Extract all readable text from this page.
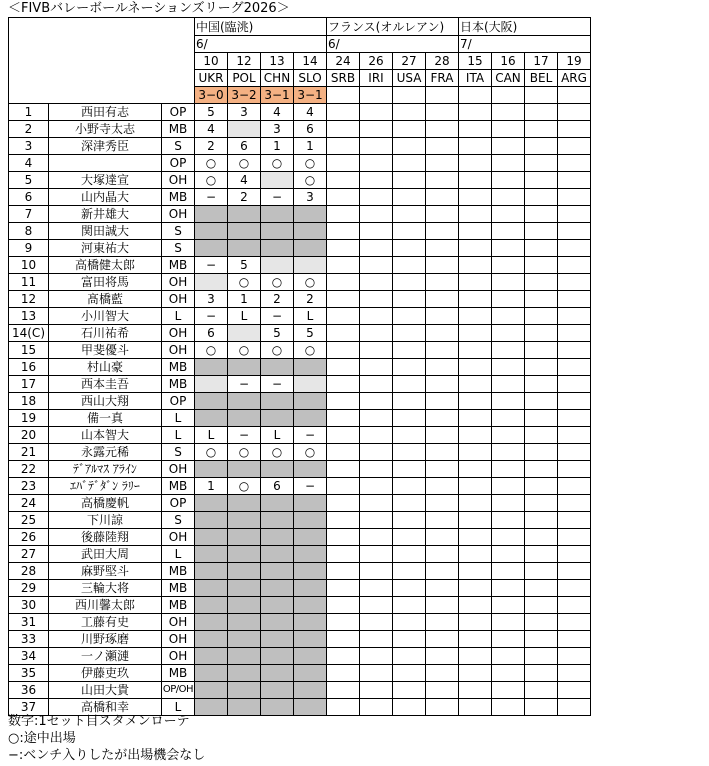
＜FIVBバレーボールネーションズリーグ2026＞
			中国(臨洮)				フランス(オルレアン)				日本(大阪)			
			6/				6/				7/			
			10	12	13	14	24	26	27	28	15	16	17	19
			UKR	POL	CHN	SLO	SRB	IRI	USA	FRA	ITA	CAN	BEL	ARG
			3−0	3−2	3−1	3−1								
1	西田有志	OP	5	3	4	4								
2	小野寺太志	MB	4		3	6								
3	深津秀臣	S	2	6	1	1								
4		OP	○	○	○	○								
5	大塚達宣	OH	○	4		○								
6	山内晶大	MB	−	2	−	3								
7	新井雄大	OH												
8	関田誠大	S												
9	河東祐大	S												
10	高橋健太郎	MB	−	5										
11	富田将馬	OH		○	○	○								
12	髙橋藍	OH	3	1	2	2								
13	小川智大	L	−	L	−	L								
14(C)	石川祐希	OH	6		5	5								
15	甲斐優斗	OH	○	○	○	○								
16	村山豪	MB												
17	西本圭吾	MB		−	−									
18	西山大翔	OP												
19	備一真	L												
20	山本智大	L	L	−	L	−								
21	永露元稀	S	○	○	○	○								
22	ﾃﾞｱﾙﾏｽ ｱﾗｲﾝ	OH												
23	ｴﾊﾞﾃﾞﾀﾞﾝ ﾗﾘｰ	MB	1	○	6	−								
24	高橋慶帆	OP												
25	下川諒	S												
26	後藤陸翔	OH												
27	武田大周	L												
28	麻野堅斗	MB												
29	三輪大将	MB												
30	西川馨太郎	MB												
31	工藤有史	OH												
33	川野琢磨	OH												
34	一ノ瀬漣	OH												
35	伊藤吏玖	MB												
36	山田大貴	OP/OH												
37	高橋和幸	L												
数字:1セット目スタメンローテ
○:途中出場
−:ベンチ入りしたが出場機会なし
